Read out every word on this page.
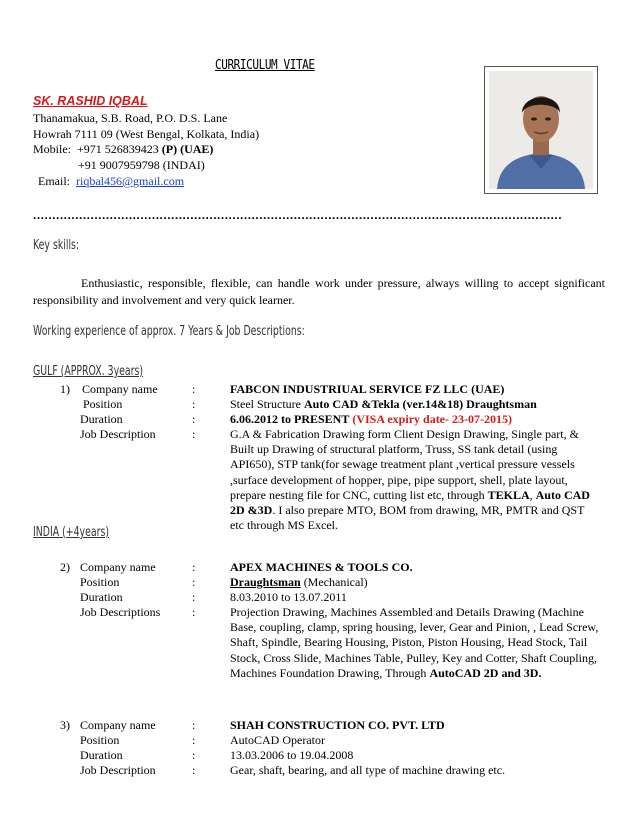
CURRICULUM VITAE
SK. RASHID IQBAL
Thanamakua, S.B. Road, P.O. D.S. Lane
Howrah 7111 09 (West Bengal, Kolkata, India)
Mobile: +971 526839423 (P) (UAE)
+91 9007959798 (INDAI)
Email: riqbal456@gmail.com
..........................................................................................................................................
Key skills:
Enthusiastic, responsible, flexible, can handle work under pressure, always willing to accept significant responsibility and involvement and very quick learner.
Working experience of approx. 7 Years & Job Descriptions:
GULF (APPROX. 3years)
1) Company name	:	FABCON INDUSTRIUAL SERVICE FZ LLC (UAE)
Position	:	Steel Structure Auto CAD &Tekla (ver.14&18) Draughtsman
Duration	:	6.06.2012 to PRESENT (VISA expiry date- 23-07-2015)
Job Description	:	G.A & Fabrication Drawing form Client Design Drawing, Single part, & Built up Drawing of structural platform, Truss, SS tank detail (using API650), STP tank(for sewage treatment plant ,vertical pressure vessels ,surface development of hopper, pipe, pipe support, shell, plate layout, prepare nesting file for CNC, cutting list etc, through TEKLA, Auto CAD 2D &3D. I also prepare MTO, BOM from drawing, MR, PMTR and QST etc through MS Excel.
INDIA (+4years)
2) Company name	:	APEX MACHINES & TOOLS CO.
Position	:	Draughtsman (Mechanical)
Duration	:	8.03.2010 to 13.07.2011
Job Descriptions	:	Projection Drawing, Machines Assembled and Details Drawing (Machine Base, coupling, clamp, spring housing, lever, Gear and Pinion, , Lead Screw, Shaft, Spindle, Bearing Housing, Piston, Piston Housing, Head Stock, Tail Stock, Cross Slide, Machines Table, Pulley, Key and Cotter, Shaft Coupling, Machines Foundation Drawing, Through AutoCAD 2D and 3D.
3) Company name	:	SHAH CONSTRUCTION CO. PVT. LTD
Position	:	AutoCAD Operator
Duration	:	13.03.2006 to 19.04.2008
Job Description	:	Gear, shaft, bearing, and all type of machine drawing etc.
